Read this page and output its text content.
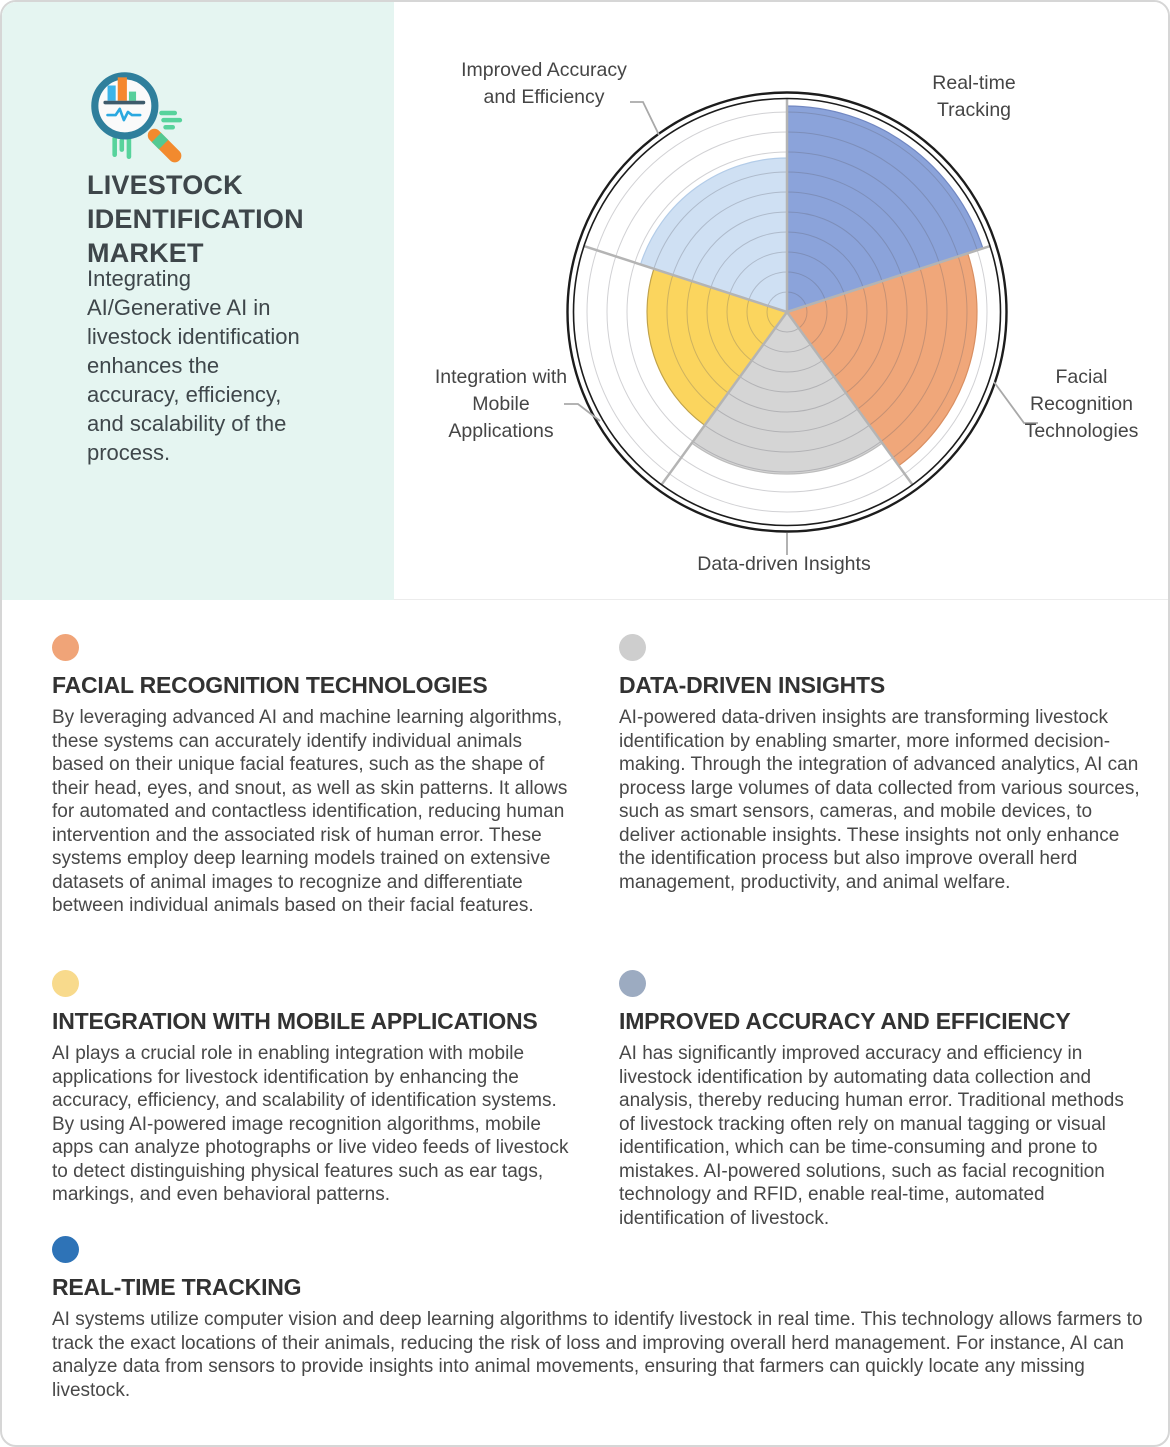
LIVESTOCK IDENTIFICATION MARKET
Integrating AI/Generative AI in livestock identification enhances the accuracy, efficiency, and scalability of the process.
Improved Accuracy
and Efficiency
Real-time
Tracking
Integration with
Mobile
Applications
Facial
Recognition
Technologies
Data-driven Insights
FACIAL RECOGNITION TECHNOLOGIES
By leveraging advanced AI and machine learning algorithms, these systems can accurately identify individual animals based on their unique facial features, such as the shape of their head, eyes, and snout, as well as skin patterns. It allows for automated and contactless identification, reducing human intervention and the associated risk of human error. These systems employ deep learning models trained on extensive datasets of animal images to recognize and differentiate between individual animals based on their facial features.
DATA-DRIVEN INSIGHTS
AI-powered data-driven insights are transforming livestock identification by enabling smarter, more informed decision-making. Through the integration of advanced analytics, AI can process large volumes of data collected from various sources, such as smart sensors, cameras, and mobile devices, to deliver actionable insights. These insights not only enhance the identification process but also improve overall herd management, productivity, and animal welfare.
INTEGRATION WITH MOBILE APPLICATIONS
AI plays a crucial role in enabling integration with mobile applications for livestock identification by enhancing the accuracy, efficiency, and scalability of identification systems. By using AI-powered image recognition algorithms, mobile apps can analyze photographs or live video feeds of livestock to detect distinguishing physical features such as ear tags, markings, and even behavioral patterns.
IMPROVED ACCURACY AND EFFICIENCY
AI has significantly improved accuracy and efficiency in livestock identification by automating data collection and analysis, thereby reducing human error. Traditional methods of livestock tracking often rely on manual tagging or visual identification, which can be time-consuming and prone to mistakes. AI-powered solutions, such as facial recognition technology and RFID, enable real-time, automated identification of livestock.
REAL-TIME TRACKING
AI systems utilize computer vision and deep learning algorithms to identify livestock in real time. This technology allows farmers to track the exact locations of their animals, reducing the risk of loss and improving overall herd management. For instance, AI can analyze data from sensors to provide insights into animal movements, ensuring that farmers can quickly locate any missing livestock.
